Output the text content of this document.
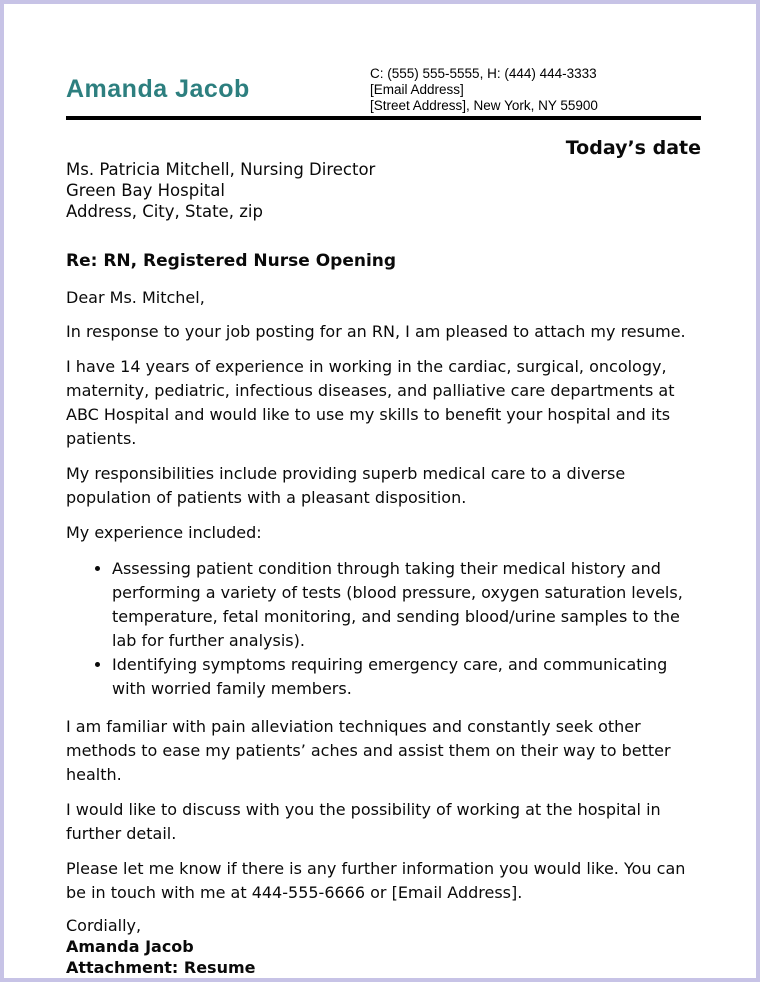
Amanda Jacob
C: (555) 555-5555, H: (444) 444-3333
[Email Address]
[Street Address], New York, NY 55900
Today’s date
Ms. Patricia Mitchell, Nursing Director
Green Bay Hospital
Address, City, State, zip

Re: RN, Registered Nurse Opening

Dear Ms. Mitchel,

In response to your job posting for an RN, I am pleased to attach my resume.

I have 14 years of experience in working in the cardiac, surgical, oncology, maternity, pediatric, infectious diseases, and palliative care departments at ABC Hospital and would like to use my skills to benefit your hospital and its patients.

My responsibilities include providing superb medical care to a diverse population of patients with a pleasant disposition.

My experience included:

• Assessing patient condition through taking their medical history and performing a variety of tests (blood pressure, oxygen saturation levels, temperature, fetal monitoring, and sending blood/urine samples to the lab for further analysis).
• Identifying symptoms requiring emergency care, and communicating with worried family members.

I am familiar with pain alleviation techniques and constantly seek other methods to ease my patients’ aches and assist them on their way to better health.

I would like to discuss with you the possibility of working at the hospital in further detail.

Please let me know if there is any further information you would like. You can be in touch with me at 444-555-6666 or [Email Address].

Cordially,
Amanda Jacob
Attachment: Resume
